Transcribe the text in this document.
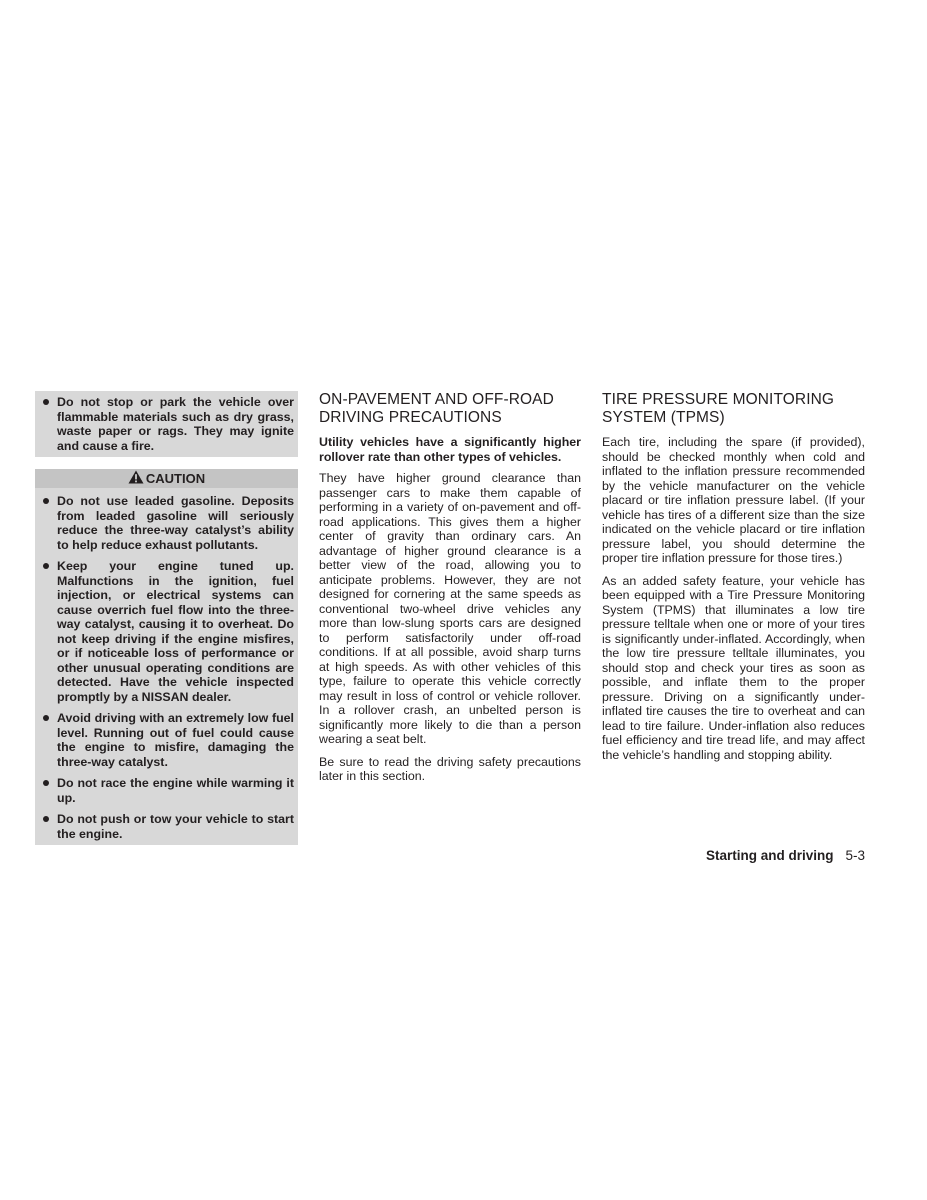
Do not stop or park the vehicle over flammable materials such as dry grass, waste paper or rags. They may ignite and cause a fire.
CAUTION
Do not use leaded gasoline. Deposits from leaded gasoline will seriously reduce the three-way catalyst’s ability to help reduce exhaust pollutants.
Keep your engine tuned up. Malfunctions in the ignition, fuel injection, or electrical systems can cause overrich fuel flow into the three-way catalyst, causing it to overheat. Do not keep driving if the engine misfires, or if noticeable loss of performance or other unusual operating conditions are detected. Have the vehicle inspected promptly by a NISSAN dealer.
Avoid driving with an extremely low fuel level. Running out of fuel could cause the engine to misfire, damaging the three-way catalyst.
Do not race the engine while warming it up.
Do not push or tow your vehicle to start the engine.
ON-PAVEMENT AND OFF-ROAD DRIVING PRECAUTIONS

Utility vehicles have a significantly higher rollover rate than other types of vehicles.

They have higher ground clearance than passenger cars to make them capable of performing in a variety of on-pavement and off-road applications. This gives them a higher center of gravity than ordinary cars. An advantage of higher ground clearance is a better view of the road, allowing you to anticipate problems. However, they are not designed for cornering at the same speeds as conventional two-wheel drive vehicles any more than low-slung sports cars are designed to perform satisfactorily under off-road conditions. If at all possible, avoid sharp turns at high speeds. As with other vehicles of this type, failure to operate this vehicle correctly may result in loss of control or vehicle rollover. In a rollover crash, an unbelted person is significantly more likely to die than a person wearing a seat belt.

Be sure to read the driving safety precautions later in this section.

TIRE PRESSURE MONITORING SYSTEM (TPMS)

Each tire, including the spare (if provided), should be checked monthly when cold and inflated to the inflation pressure recommended by the vehicle manufacturer on the vehicle placard or tire inflation pressure label. (If your vehicle has tires of a different size than the size indicated on the vehicle placard or tire inflation pressure label, you should determine the proper tire inflation pressure for those tires.)

As an added safety feature, your vehicle has been equipped with a Tire Pressure Monitoring System (TPMS) that illuminates a low tire pressure telltale when one or more of your tires is significantly under-inflated. Accordingly, when the low tire pressure telltale illuminates, you should stop and check your tires as soon as possible, and inflate them to the proper pressure. Driving on a significantly under-inflated tire causes the tire to overheat and can lead to tire failure. Under-inflation also reduces fuel efficiency and tire tread life, and may affect the vehicle’s handling and stopping ability.

Starting and driving 5-3
